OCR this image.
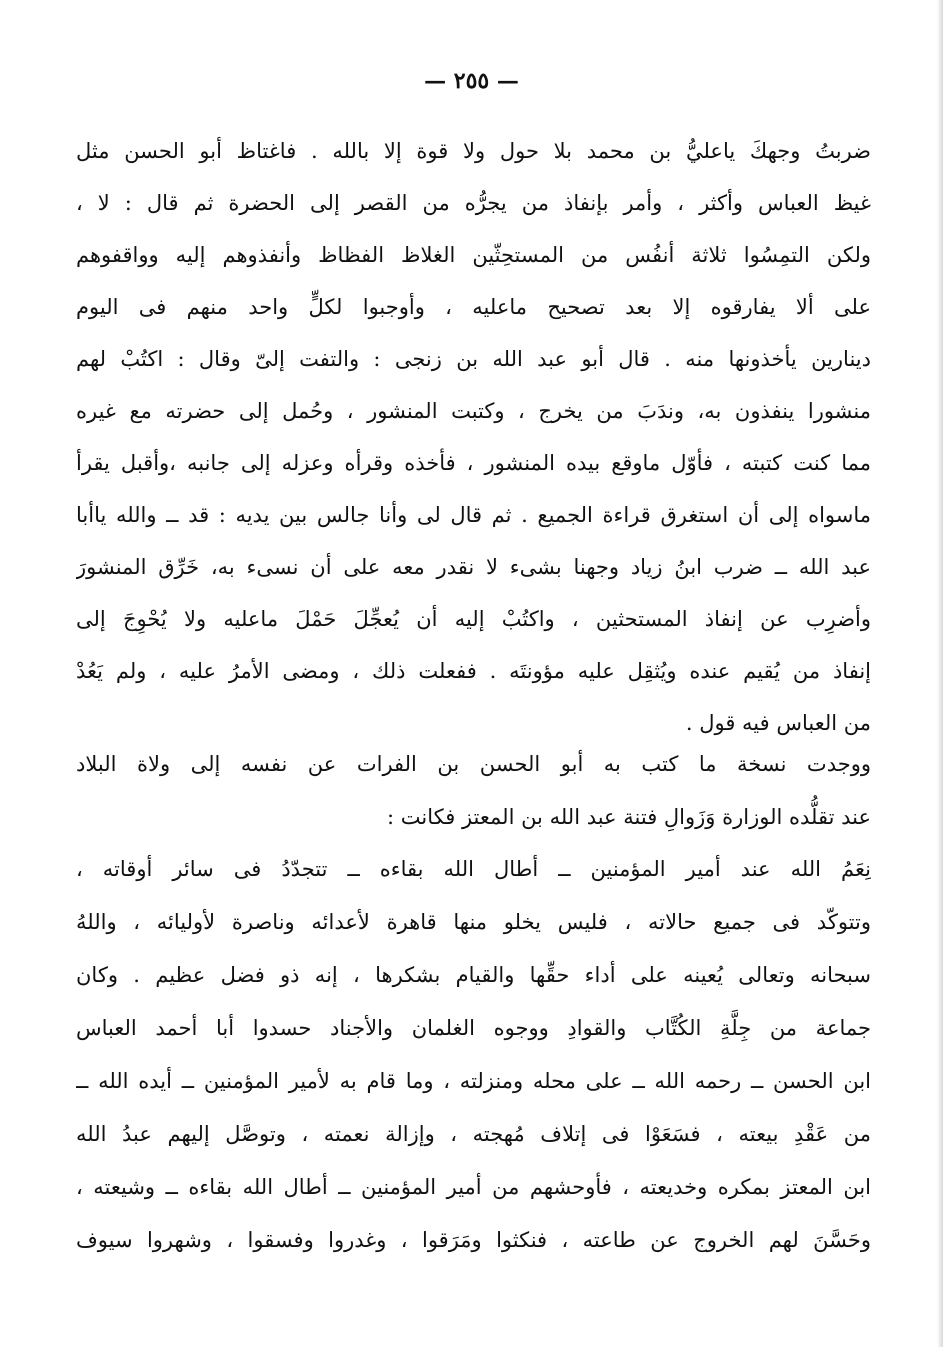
— ٢٥٥ —
ضربتُ وجهكَ ياعليُّ بن محمد بلا حول ولا قوة إلا بالله . فاغتاظ أبو الحسن مثل
غيظ العباس وأكثر ، وأمر بإنفاذ من يجرُّه من القصر إلى الحضرة ثم قال : لا ،
ولكن التمِسُوا ثلاثة أنفُس من المستحِثّين الغلاظ الفظاظ وأنفذوهم إليه وواقفوهم
على ألا يفارقوه إلا بعد تصحيح ماعليه ، وأوجبوا لكلٍّ واحد منهم فى اليوم
دينارين يأخذونها منه . قال أبو عبد الله بن زنجى : والتفت إلىّ وقال : اكتُبْ لهم
منشورا ينفذون به، وندَبَ من يخرج ، وكتبت المنشور ، وحُمل إلى حضرته مع غيره
مما كنت كتبته ، فأوّل ماوقع بيده المنشور ، فأخذه وقرأه وعزله إلى جانبه ،وأقبل يقرأ
ماسواه إلى أن استغرق قراءة الجميع . ثم قال لى وأنا جالس بين يديه : قد ــ والله ياأبا
عبد الله ــ ضرب ابنُ زياد وجهنا بشىء لا نقدر معه على أن نسىء به، خَرِّق المنشورَ
وأضرِب عن إنفاذ المستحثين ، واكتُبْ إليه أن يُعجِّلَ حَمْلَ ماعليه ولا يُحْوِجَ إلى
إنفاذ من يُقيم عنده ويُثقِل عليه مؤونتَه . ففعلت ذلك ، ومضى الأمرُ عليه ، ولم يَعُدْ
من العباس فيه قول .
ووجدت نسخة ما كتب به أبو الحسن بن الفرات عن نفسه إلى ولاة البلاد
عند تقلُّده الوزارة وَزَوالِ فتنة عبد الله بن المعتز فكانت :
نِعَمُ الله عند أمير المؤمنين ــ أطال الله بقاءه ــ تتجدّدُ فى سائر أوقاته ،
وتتوكّد فى جميع حالاته ، فليس يخلو منها قاهرة لأعدائه وناصرة لأوليائه ، واللهُ
سبحانه وتعالى يُعينه على أداء حقِّها والقيام بشكرها ، إنه ذو فضل عظيم . وكان
جماعة من جِلَّةِ الكُتَّاب والقوادِ ووجوه الغلمان والأجناد حسدوا أبا أحمد العباس
ابن الحسن ــ رحمه الله ــ على محله ومنزلته ، وما قام به لأمير المؤمنين ــ أيده الله ــ
من عَقْدِ بيعته ، فسَعَوْا فى إتلاف مُهجته ، وإزالة نعمته ، وتوصَّل إليهم عبدُ الله
ابن المعتز بمكره وخديعته ، فأوحشهم من أمير المؤمنين ــ أطال الله بقاءه ــ وشيعته ،
وحَسَّنَ لهم الخروج عن طاعته ، فنكثوا ومَرَقوا ، وغدروا وفسقوا ، وشهروا سيوف
